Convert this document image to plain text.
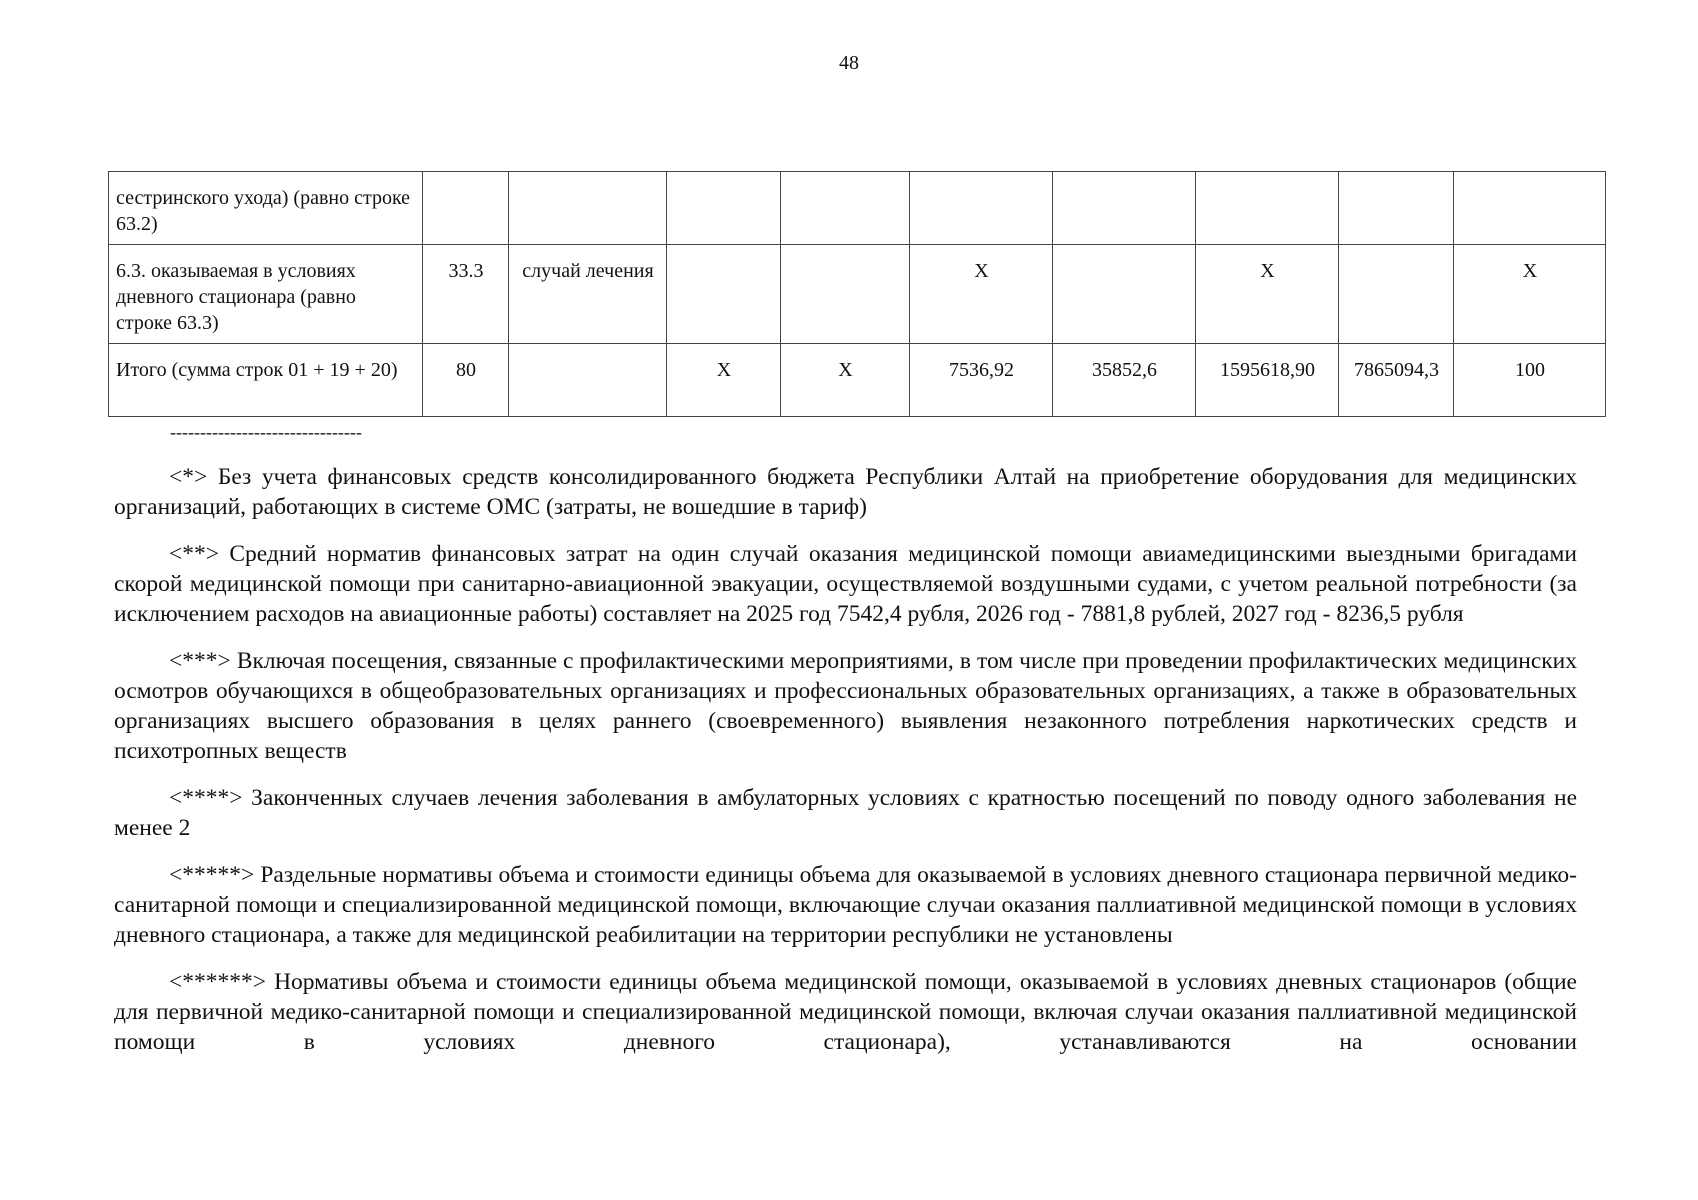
48
сестринского ухода) (равно строке 63.2)									
6.3. оказываемая в условиях дневного стационара (равно строке 63.3)	33.3	случай лечения			X		X		X
Итого (сумма строк 01 + 19 + 20)	80		X	X	7536,92	35852,6	1595618,90	7865094,3	100
--------------------------------

<*> Без учета финансовых средств консолидированного бюджета Республики Алтай на приобретение оборудования для медицинских организаций, работающих в системе ОМС (затраты, не вошедшие в тариф)

<**> Средний норматив финансовых затрат на один случай оказания медицинской помощи авиамедицинскими выездными бригадами скорой медицинской помощи при санитарно-авиационной эвакуации, осуществляемой воздушными судами, с учетом реальной потребности (за исключением расходов на авиационные работы) составляет на 2025 год 7542,4 рубля, 2026 год - 7881,8 рублей, 2027 год - 8236,5 рубля

<***> Включая посещения, связанные с профилактическими мероприятиями, в том числе при проведении профилактических медицинских осмотров обучающихся в общеобразовательных организациях и профессиональных образовательных организациях, а также в образовательных организациях высшего образования в целях раннего (своевременного) выявления незаконного потребления наркотических средств и психотропных веществ

<****> Законченных случаев лечения заболевания в амбулаторных условиях с кратностью посещений по поводу одного заболевания не менее 2

<*****> Раздельные нормативы объема и стоимости единицы объема для оказываемой в условиях дневного стационара первичной медико-санитарной помощи и специализированной медицинской помощи, включающие случаи оказания паллиативной медицинской помощи в условиях дневного стационара, а также для медицинской реабилитации на территории республики не установлены

<******> Нормативы объема и стоимости единицы объема медицинской помощи, оказываемой в условиях дневных стационаров (общие для первичной медико-санитарной помощи и специализированной медицинской помощи, включая случаи оказания паллиативной медицинской помощи в условиях дневного стационара), устанавливаются на основании
